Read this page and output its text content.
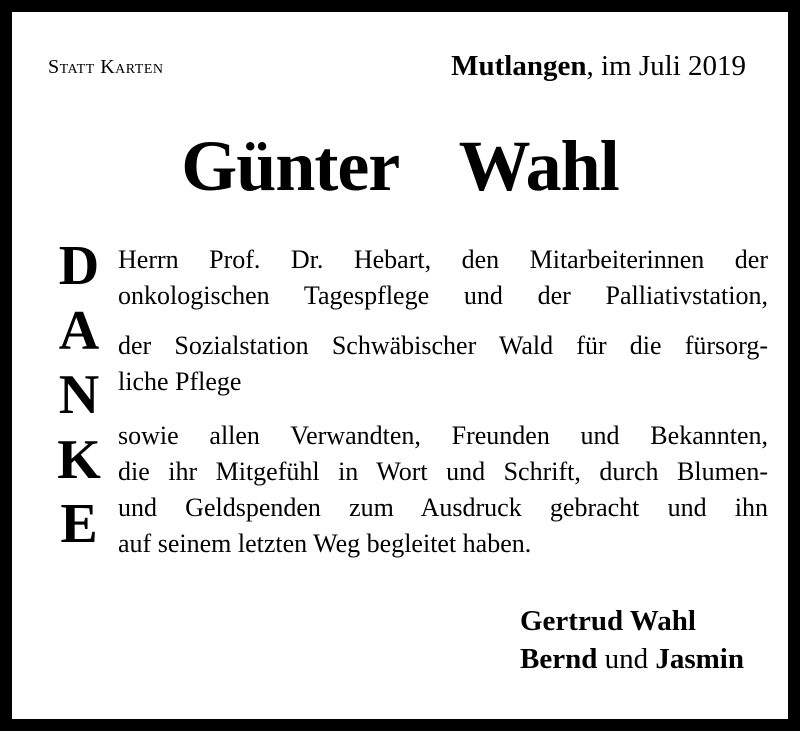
Statt Karten	Mutlangen, im Juli 2019
Günter  Wahl
D
A
N
K
E
Herrn Prof. Dr. Hebart, den Mitarbeiterinnen der
onkologischen Tagespflege und der Palliativstation,
der Sozialstation Schwäbischer Wald für die fürsorg-
liche Pflege
sowie allen Verwandten, Freunden und Bekannten,
die ihr Mitgefühl in Wort und Schrift, durch Blumen-
und Geldspenden zum Ausdruck gebracht und ihn
auf seinem letzten Weg begleitet haben.
Gertrud Wahl
Bernd und Jasmin
